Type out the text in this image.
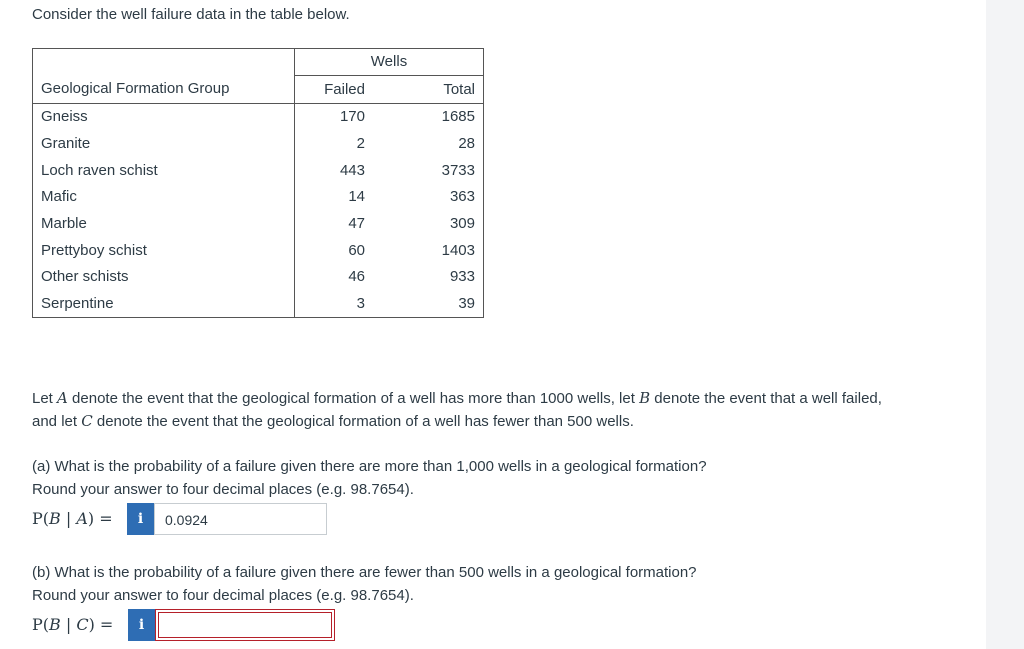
Consider the well failure data in the table below.
	Wells	
Geological Formation Group	Failed	Total
Gneiss	170	1685
Granite	2	28
Loch raven schist	443	3733
Mafic	14	363
Marble	47	309
Prettyboy schist	60	1403
Other schists	46	933
Serpentine	3	39
Let A denote the event that the geological formation of a well has more than 1000 wells, let B denote the event that a well failed,
and let C denote the event that the geological formation of a well has fewer than 500 wells.
(a) What is the probability of a failure given there are more than 1,000 wells in a geological formation?
Round your answer to four decimal places (e.g. 98.7654).
P(B | A) =	i	0.0924
(b) What is the probability of a failure given there are fewer than 500 wells in a geological formation?
Round your answer to four decimal places (e.g. 98.7654).
P(B | C) =	i
